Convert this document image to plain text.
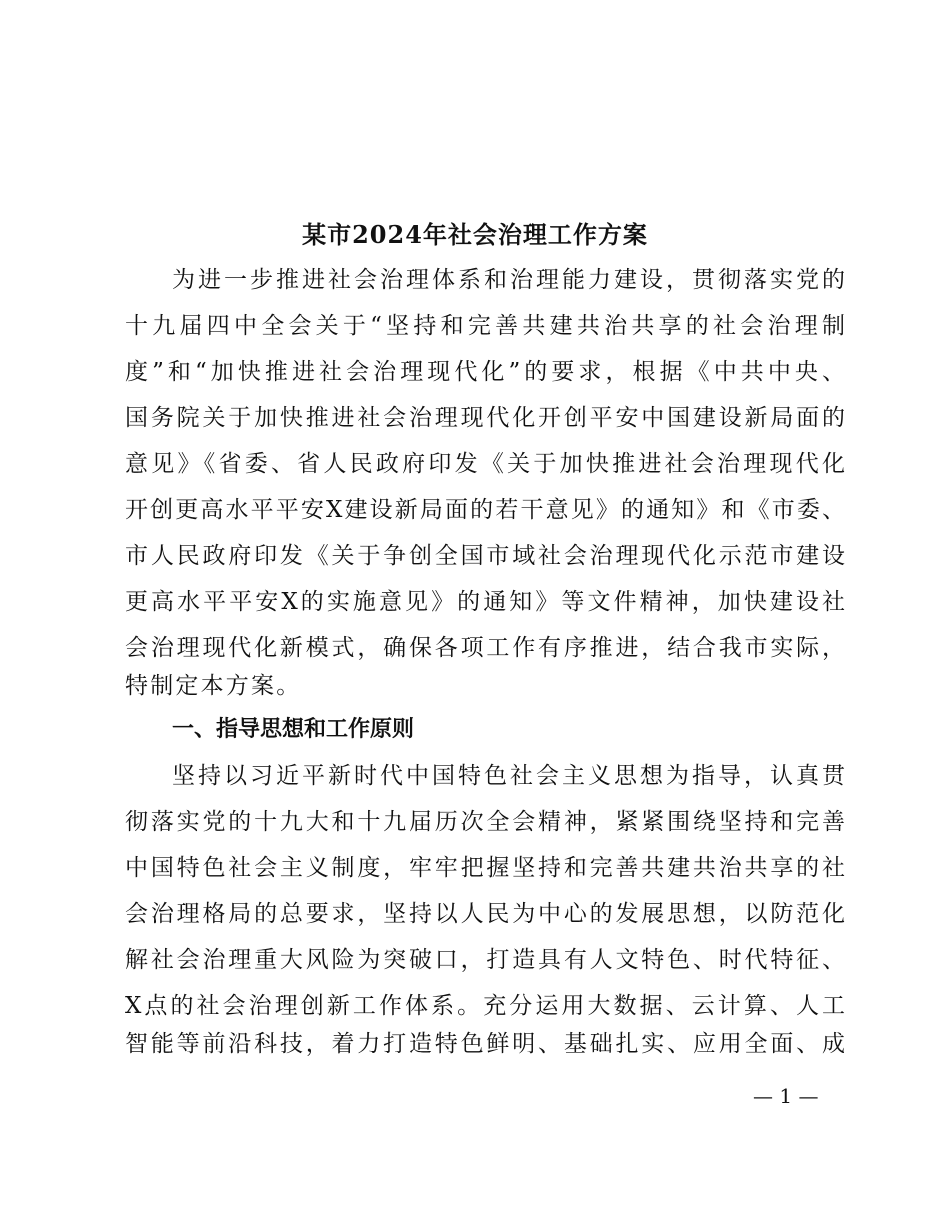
某市2024年社会治理工作方案
为进一步推进社会治理体系和治理能力建设，贯彻落实党的
十九届四中全会关于“坚持和完善共建共治共享的社会治理制
度”和“加快推进社会治理现代化”的要求，根据《中共中央、
国务院关于加快推进社会治理现代化开创平安中国建设新局面的
意见》《省委、省人民政府印发《关于加快推进社会治理现代化
开创更高水平平安X建设新局面的若干意见》的通知》和《市委、
市人民政府印发《关于争创全国市域社会治理现代化示范市建设
更高水平平安X的实施意见》的通知》等文件精神，加快建设社
会治理现代化新模式，确保各项工作有序推进，结合我市实际，
特制定本方案。
一、指导思想和工作原则
坚持以习近平新时代中国特色社会主义思想为指导，认真贯
彻落实党的十九大和十九届历次全会精神，紧紧围绕坚持和完善
中国特色社会主义制度，牢牢把握坚持和完善共建共治共享的社
会治理格局的总要求，坚持以人民为中心的发展思想，以防范化
解社会治理重大风险为突破口，打造具有人文特色、时代特征、
X点的社会治理创新工作体系。充分运用大数据、云计算、人工
智能等前沿科技，着力打造特色鲜明、基础扎实、应用全面、成
— 1 —
